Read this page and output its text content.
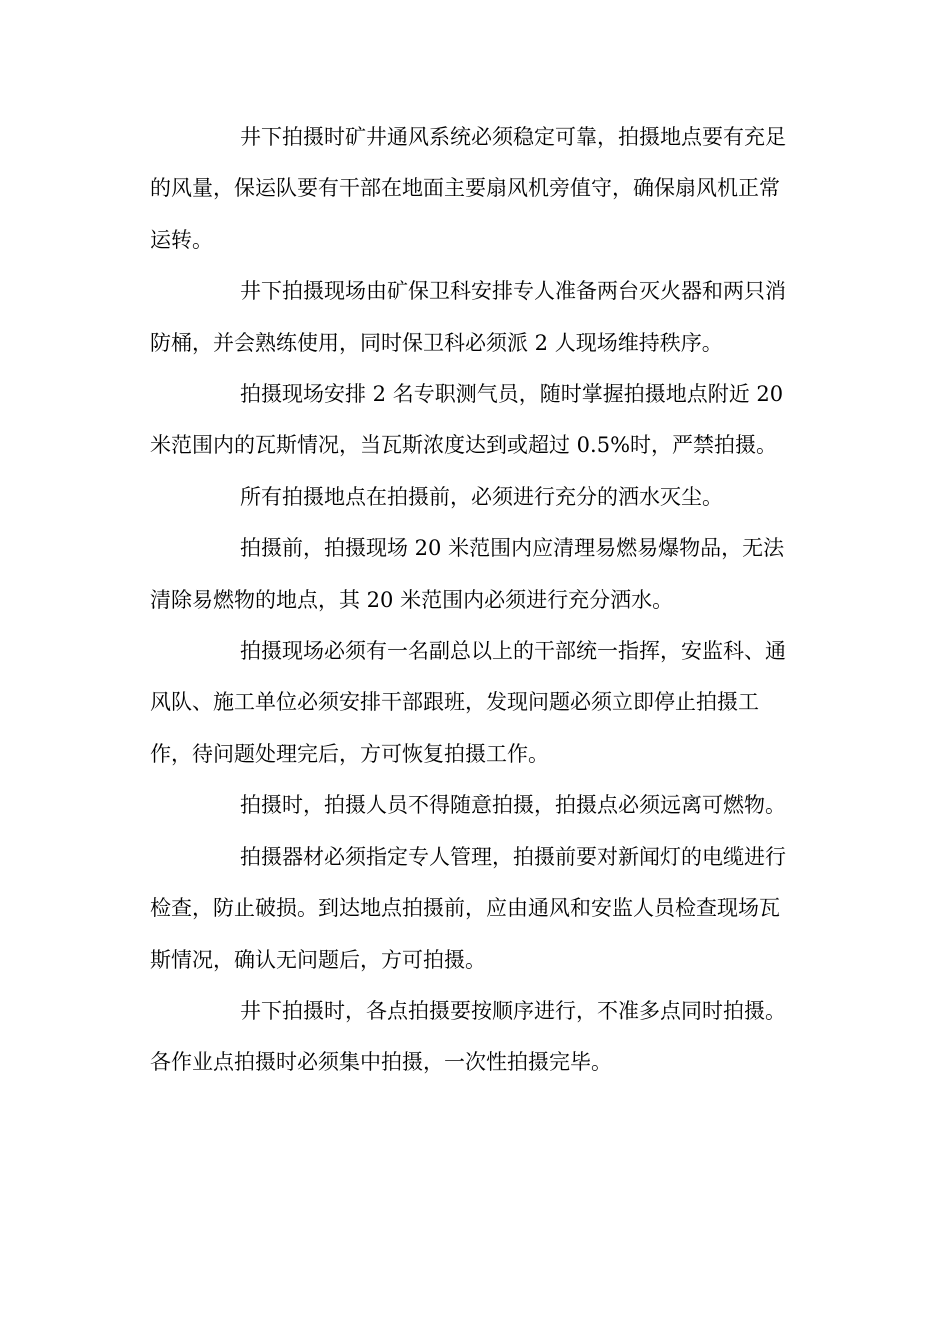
井下拍摄时矿井通风系统必须稳定可靠，拍摄地点要有充足的风量，保运队要有干部在地面主要扇风机旁值守，确保扇风机正常运转。

井下拍摄现场由矿保卫科安排专人准备两台灭火器和两只消防桶，并会熟练使用，同时保卫科必须派 2 人现场维持秩序。

拍摄现场安排 2 名专职测气员，随时掌握拍摄地点附近 20 米范围内的瓦斯情况，当瓦斯浓度达到或超过 0.5%时，严禁拍摄。

所有拍摄地点在拍摄前，必须进行充分的洒水灭尘。

拍摄前，拍摄现场 20 米范围内应清理易燃易爆物品，无法清除易燃物的地点，其 20 米范围内必须进行充分洒水。

拍摄现场必须有一名副总以上的干部统一指挥，安监科、通风队、施工单位必须安排干部跟班，发现问题必须立即停止拍摄工作，待问题处理完后，方可恢复拍摄工作。

拍摄时，拍摄人员不得随意拍摄，拍摄点必须远离可燃物。

拍摄器材必须指定专人管理，拍摄前要对新闻灯的电缆进行检查，防止破损。到达地点拍摄前，应由通风和安监人员检查现场瓦斯情况，确认无问题后，方可拍摄。

井下拍摄时，各点拍摄要按顺序进行，不准多点同时拍摄。各作业点拍摄时必须集中拍摄，一次性拍摄完毕。
